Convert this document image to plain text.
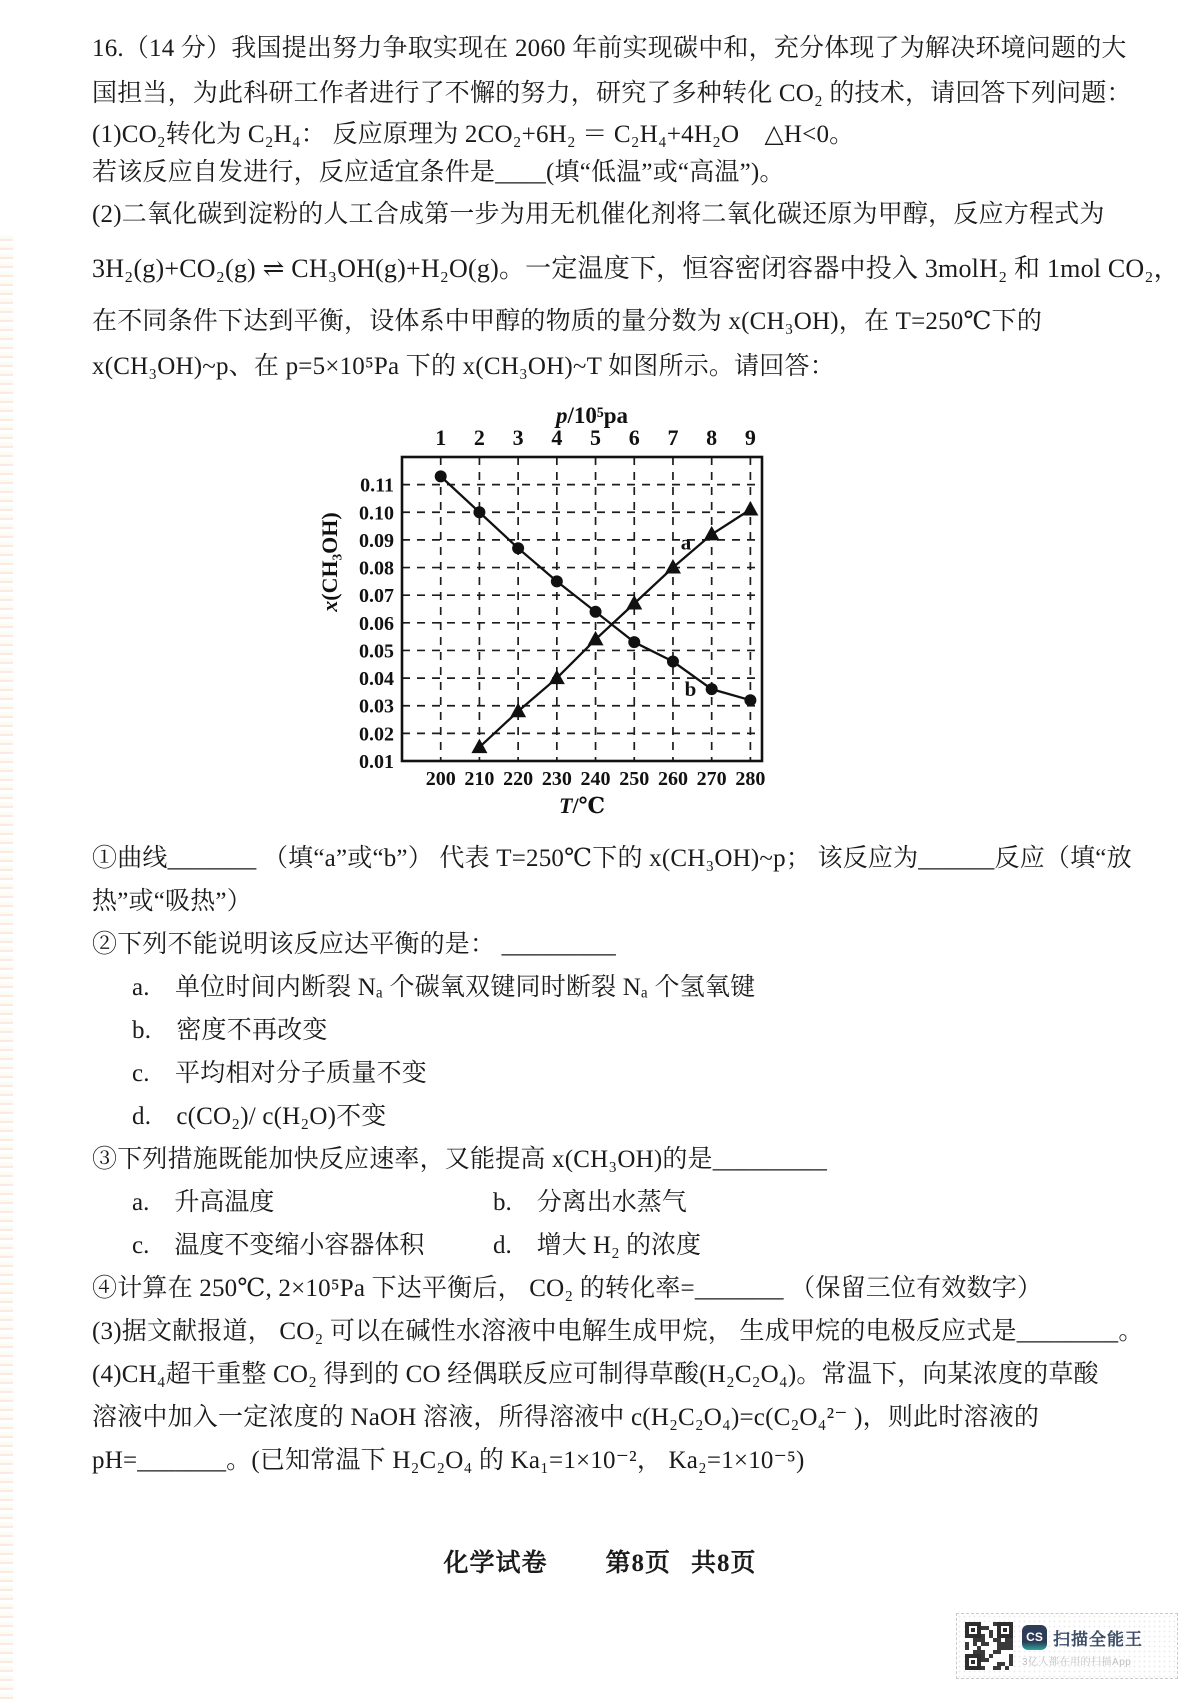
16.（14 分）我国提出努力争取实现在 2060 年前实现碳中和，充分体现了为解决环境问题的大

国担当，为此科研工作者进行了不懈的努力，研究了多种转化 CO₂ 的技术，请回答下列问题：

(1)CO₂转化为 C₂H₄： 反应原理为 2CO₂+6H₂ ＝ C₂H₄+4H₂O　△H<0。

若该反应自发进行，反应适宜条件是____(填“低温”或“高温”)。

(2)二氧化碳到淀粉的人工合成第一步为用无机催化剂将二氧化碳还原为甲醇，反应方程式为

3H₂(g)+CO₂(g) ⇌ CH₃OH(g)+H₂O(g)。一定温度下，恒容密闭容器中投入 3molH₂ 和 1mol CO₂，

在不同条件下达到平衡，设体系中甲醇的物质的量分数为 x(CH₃OH)，在 T=250℃下的

x(CH₃OH)~p、在 p=5×10⁵Pa 下的 x(CH₃OH)~T 如图所示。请回答：

1 2 3 4 5 6 7 8 9
p/10⁵pa
200 210 220 230 240 250 260 270 280
T/℃
0.11
0.10
0.09
0.08
0.07
0.06
0.05
0.04
0.03
0.02
0.01
x(CH₃OH)	a
b

①曲线_______ （填“a”或“b”） 代表 T=250℃下的 x(CH₃OH)~p； 该反应为______反应（填“放

热”或“吸热”）

②下列不能说明该反应达平衡的是： _________

a.　单位时间内断裂 Nₐ 个碳氧双键同时断裂 Nₐ 个氢氧键

b.　密度不再改变

c.　平均相对分子质量不变

d.　c(CO₂)/ c(H₂O)不变

③下列措施既能加快反应速率，又能提高 x(CH₃OH)的是_________

a.　升高温度	b.　分离出水蒸气
c.　温度不变缩小容器体积	d.　增大 H₂ 的浓度

④计算在 250℃, 2×10⁵Pa 下达平衡后， CO₂ 的转化率=_______ （保留三位有效数字）

(3)据文献报道， CO₂ 可以在碱性水溶液中电解生成甲烷， 生成甲烷的电极反应式是________。

(4)CH₄超干重整 CO₂ 得到的 CO 经偶联反应可制得草酸(H₂C₂O₄)。常温下，向某浓度的草酸

溶液中加入一定浓度的 NaOH 溶液，所得溶液中 c(H₂C₂O₄)=c(C₂O₄²⁻ )，则此时溶液的

pH=_______。(已知常温下 H₂C₂O₄ 的 Ka₁=1×10⁻²， Ka₂=1×10⁻⁵)

化学试卷 第8页 共8页
CS 扫描全能王
3亿人都在用的扫描App
